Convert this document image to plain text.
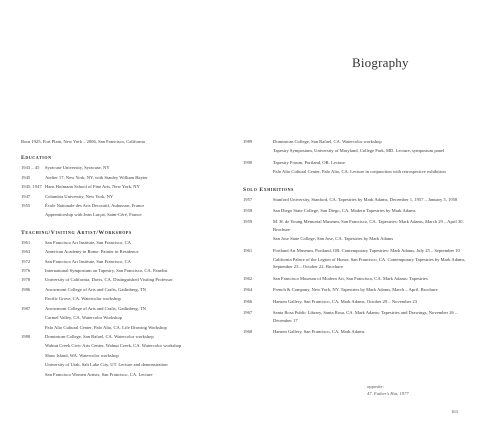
Biography
Born 1925, Fort Plain, New York – 2006, San Francisco, California
Education
1943 – 45	Syracuse University, Syracuse, NY
1945	Atelier 17, New York, NY, with Stanley William Hayter
1945, 1947 Hans Hofmann School of Fine Arts, New York, NY
1947	Columbia University, New York, NY
1955	École Nationale des Arts Decoratif, Aubusson, France
Apprenticeship with Jean Lurçat, Saint-Céré, France
Teaching/Visiting Artist/Workshops
1961	San Francisco Art Institute, San Francisco, CA
1963	American Academy in Rome. Painter in Residence
1972	San Francisco Art Institute, San Francisco, CA
1976	International Symposium on Tapestry, San Francisco, CA. Panelist
1978	University of California, Davis, CA. Distinguished Visiting Professor
1986	Arrowmont College of Arts and Crafts, Gatlinberg, TN
Pacific Grove, CA. Watercolor workshop
1987	Arrowmont College of Arts and Crafts, Gatlinberg, TN
Carmel Valley, CA. Watercolor Workshop
Palo Alto Cultural Center, Palo Alto, CA. Life Drawing Workshop
1988	Dominican College, San Rafael, CA. Watercolor workshop
Walnut Creek Civic Arts Center, Walnut Creek, CA. Watercolor workshop
Shaw Island, WA. Watercolor workshop
University of Utah, Salt Lake City, UT. Lecture and demonstration
San Francisco Women Artists, San Francisco, CA. Lecture
1989	Dominican College, San Rafael, CA. Watercolor workshop
Tapestry Symposium, University of Maryland, College Park, MD. Lecture, symposium panel
1990	Tapestry Forum, Portland, OR. Lecture
Palo Alto Cultural Center, Palo Alto, CA. Lecture in conjunction with retrospective exhibition
Solo Exhibitions
1957	Stanford University, Stanford, CA. Tapestries by Mark Adams, December 1, 1957 – January 5, 1958
1958	San Diego State College, San Diego, CA. Modern Tapestries by Mark Adams
1959	M. H. de Young Memorial Museum, San Francisco, CA. Tapestries: Mark Adams, March 29 – April 30. Brochure
San Jose State College, San Jose, CA. Tapestries by Mark Adams
1961	Portland Art Museum, Portland, OR. Contemporary Tapestries: Mark Adams, July 25 – September 10
California Palace of the Legion of Honor, San Francisco, CA. Contemporary Tapestries by Mark Adams, September 23 – October 22. Brochure
1962	San Francisco Museum of Modern Art, San Francisco, CA. Mark Adams: Tapestries
1964	French & Company, New York, NY. Tapestries by Mark Adams, March – April. Brochure
1966	Hansen Gallery, San Francisco, CA. Mark Adams, October 29 – November 23
1967	Santa Rosa Public Library, Santa Rosa, CA. Mark Adams: Tapestries and Drawings, November 26 – December 17
1968	Hansen Gallery, San Francisco, CA. Mark Adams
opposite:
47. Father's Hat, 1977
163
